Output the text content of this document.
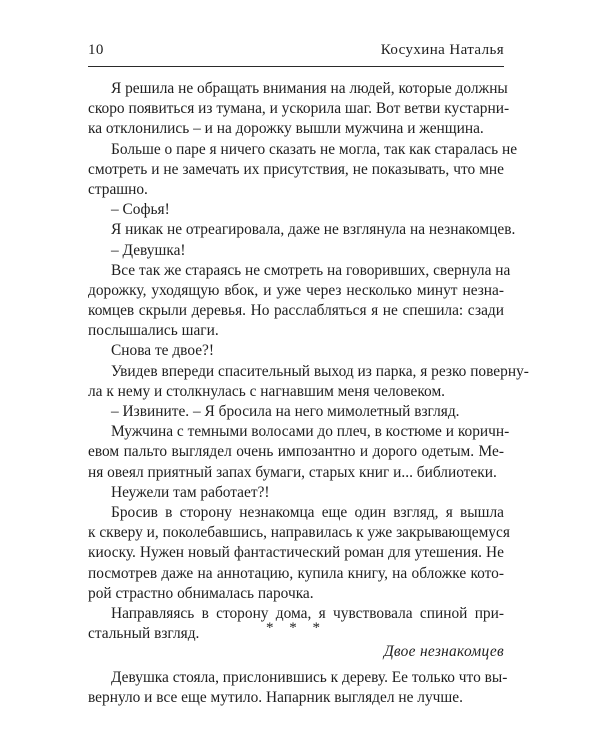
10	Косухина Наталья
Я решила не обращать внимания на людей, которые должны
скоро появиться из тумана, и ускорила шаг. Вот ветви кустарни-
ка отклонились – и на дорожку вышли мужчина и женщина.
Больше о паре я ничего сказать не могла, так как старалась не
смотреть и не замечать их присутствия, не показывать, что мне
страшно.
– Софья!
Я никак не отреагировала, даже не взглянула на незнакомцев.
– Девушка!
Все так же стараясь не смотреть на говоривших, свернула на
дорожку, уходящую вбок, и уже через несколько минут незна-
комцев скрыли деревья. Но расслабляться я не спешила: сзади
послышались шаги.
Снова те двое?!
Увидев впереди спасительный выход из парка, я резко поверну-
ла к нему и столкнулась с нагнавшим меня человеком.
– Извините. – Я бросила на него мимолетный взгляд.
Мужчина с темными волосами до плеч, в костюме и коричн-
евом пальто выглядел очень импозантно и дорого одетым. Ме-
ня овеял приятный запах бумаги, старых книг и... библиотеки.
Неужели там работает?!
Бросив в сторону незнакомца еще один взгляд, я вышла
к скверу и, поколебавшись, направилась к уже закрывающемуся
киоску. Нужен новый фантастический роман для утешения. Не
посмотрев даже на аннотацию, купила книгу, на обложке кото-
рой страстно обнималась парочка.
Направляясь в сторону дома, я чувствовала спиной при-
стальный взгляд.	* * *
Двое незнакомцев
Девушка стояла, прислонившись к дереву. Ее только что вы-
вернуло и все еще мутило. Напарник выглядел не лучше.
